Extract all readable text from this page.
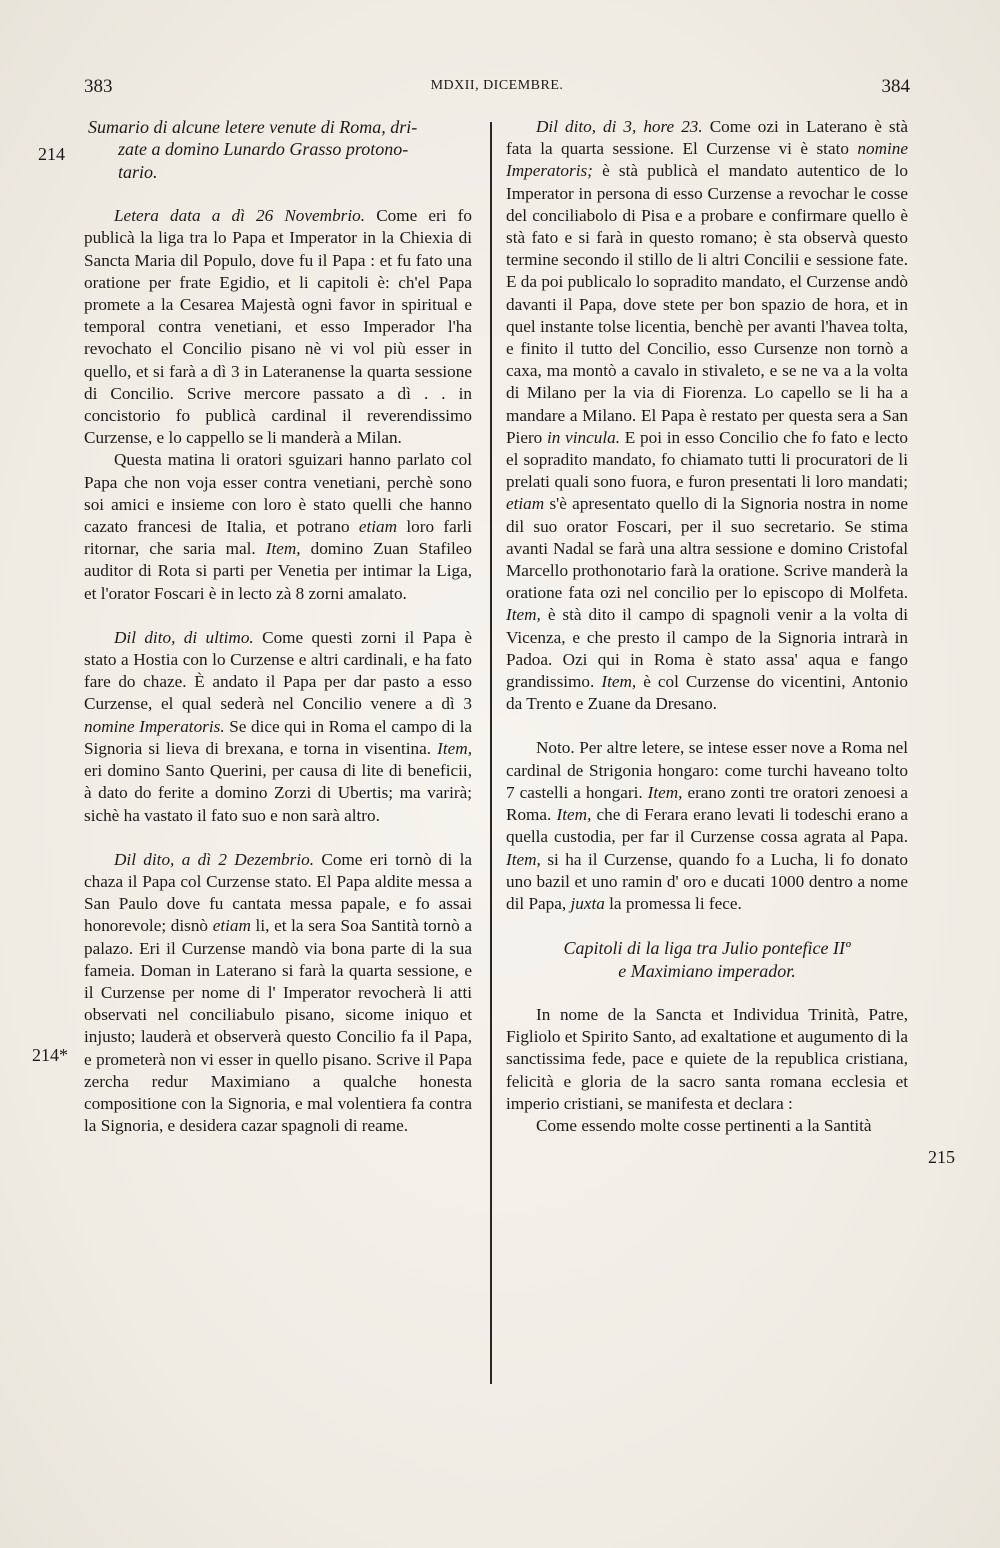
383	MDXII, DICEMBRE.	384
214
214*
215
Sumario di alcune letere venute di Roma, dri-
zate a domino Lunardo Grasso protono-
tario.

Letera data a dì 26 Novembrio. Come eri fo publicà la liga tra lo Papa et Imperator in la Chiexia di Sancta Maria dil Populo, dove fu il Papa : et fu fato una oratione per frate Egidio, et li capitoli è: ch'el Papa promete a la Cesarea Majestà ogni favor in spiritual e temporal contra venetiani, et esso Imperador l'ha revochato el Concilio pisano nè vi vol più esser in quello, et si farà a dì 3 in Lateranense la quarta sessione di Concilio. Scrive mercore passato a dì . . in concistorio fo publicà cardinal il reverendissimo Curzense, e lo cappello se li manderà a Milan.

Questa matina li oratori sguizari hanno parlato col Papa che non voja esser contra venetiani, perchè sono soi amici e insieme con loro è stato quelli che hanno cazato francesi de Italia, et potrano etiam loro farli ritornar, che saria mal. Item, domino Zuan Stafileo auditor di Rota si parti per Venetia per intimar la Liga, et l'orator Foscari è in lecto zà 8 zorni amalato.

Dil dito, di ultimo. Come questi zorni il Papa è stato a Hostia con lo Curzense e altri cardinali, e ha fato fare do chaze. È andato il Papa per dar pasto a esso Curzense, el qual sederà nel Concilio venere a dì 3 nomine Imperatoris. Se dice qui in Roma el campo di la Signoria si lieva di brexana, e torna in visentina. Item, eri domino Santo Querini, per causa di lite di beneficii, à dato do ferite a domino Zorzi di Ubertis; ma varirà; sichè ha vastato il fato suo e non sarà altro.

Dil dito, a dì 2 Dezembrio. Come eri tornò di la chaza il Papa col Curzense stato. El Papa aldite messa a San Paulo dove fu cantata messa papale, e fo assai honorevole; disnò etiam li, et la sera Soa Santità tornò a palazo. Eri il Curzense mandò via bona parte di la sua fameia. Doman in Laterano si farà la quarta sessione, e il Curzense per nome di l' Imperator revocherà li atti observati nel conciliabulo pisano, sicome iniquo et injusto; lauderà et observerà questo Concilio fa il Papa, e prometerà non vi esser in quello pisano. Scrive il Papa zercha redur Maximiano a qualche honesta compositione con la Signoria, e mal volentiera fa contra la Signoria, e desidera cazar spagnoli di reame.

Dil dito, di 3, hore 23. Come ozi in Laterano è stà fata la quarta sessione. El Curzense vi è stato nomine Imperatoris; è stà publicà el mandato autentico de lo Imperator in persona di esso Curzense a revochar le cosse del conciliabolo di Pisa e a probare e confirmare quello è stà fato e si farà in questo romano; è sta observà questo termine secondo il stillo de li altri Concilii e sessione fate. E da poi publicalo lo sopradito mandato, el Curzense andò davanti il Papa, dove stete per bon spazio de hora, et in quel instante tolse licentia, benchè per avanti l'havea tolta, e finito il tutto del Concilio, esso Cursenze non tornò a caxa, ma montò a cavalo in stivaleto, e se ne va a la volta di Milano per la via di Fiorenza. Lo capello se li ha a mandare a Milano. El Papa è restato per questa sera a San Piero in vincula. E poi in esso Concilio che fo fato e lecto el sopradito mandato, fo chiamato tutti li procuratori de li prelati quali sono fuora, e furon presentati li loro mandati; etiam s'è apresentato quello di la Signoria nostra in nome dil suo orator Foscari, per il suo secretario. Se stima avanti Nadal se farà una altra sessione e domino Cristofal Marcello prothonotario farà la oratione. Scrive manderà la oratione fata ozi nel concilio per lo episcopo di Molfeta. Item, è stà dito il campo di spagnoli venir a la volta di Vicenza, e che presto il campo de la Signoria intrarà in Padoa. Ozi qui in Roma è stato assa' aqua e fango grandissimo. Item, è col Curzense do vicentini, Antonio da Trento e Zuane da Dresano.

Noto. Per altre letere, se intese esser nove a Roma nel cardinal de Strigonia hongaro: come turchi haveano tolto 7 castelli a hongari. Item, erano zonti tre oratori zenoesi a Roma. Item, che di Ferara erano levati li todeschi erano a quella custodia, per far il Curzense cossa agrata al Papa. Item, si ha il Curzense, quando fo a Lucha, li fo donato uno bazil et uno ramin d' oro e ducati 1000 dentro a nome dil Papa, juxta la promessa li fece.

Capitoli di la liga tra Julio pontefice IIº
e Maximiano imperador.

In nome de la Sancta et Individua Trinità, Patre, Figliolo et Spirito Santo, ad exaltatione et augumento di la sanctissima fede, pace e quiete de la republica cristiana, felicità e gloria de la sacro santa romana ecclesia et imperio cristiani, se manifesta et declara :

Come essendo molte cosse pertinenti a la Santità
